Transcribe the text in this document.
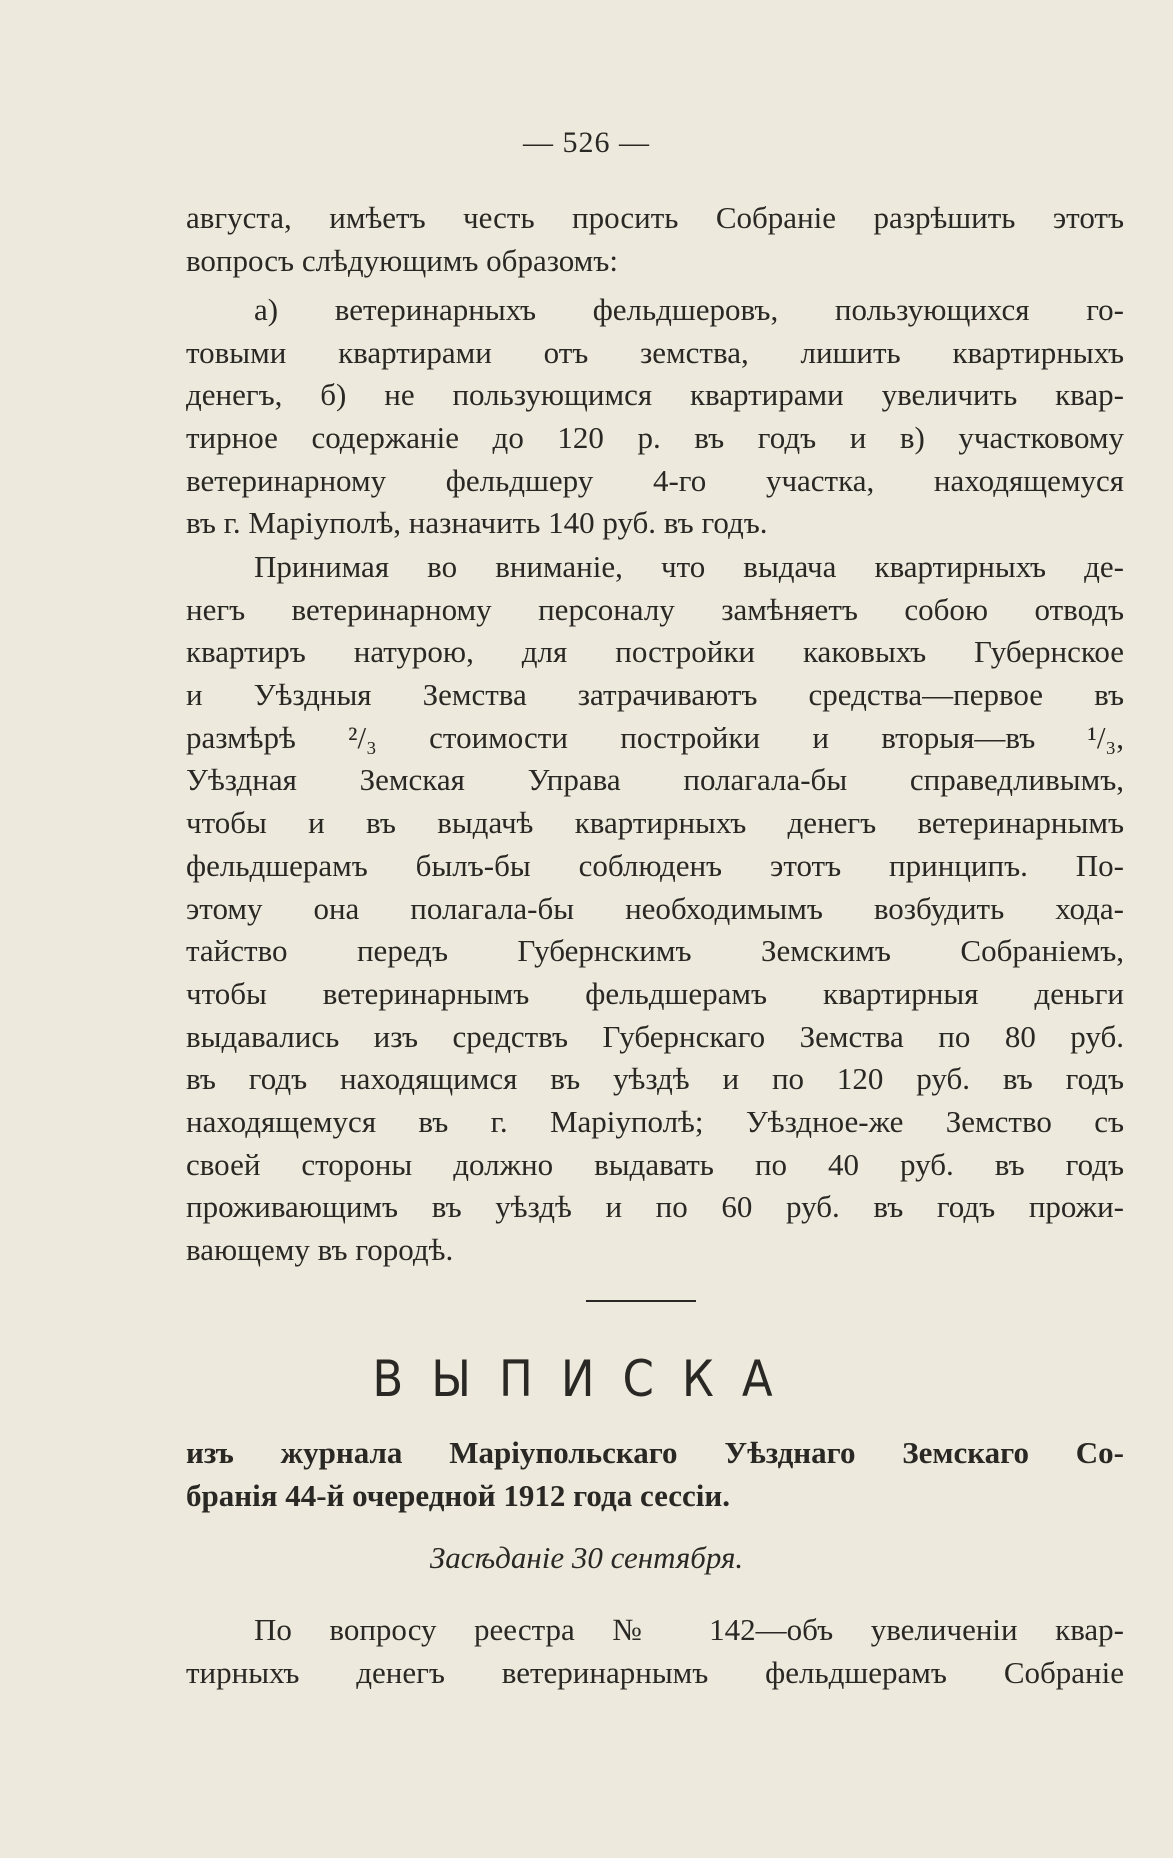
— 526 —
августа, имѣетъ честь просить Собраніе разрѣшить этотъ
вопросъ слѣдующимъ образомъ:
а) ветеринарныхъ фельдшеровъ, пользующихся го-
товыми квартирами отъ земства, лишить квартирныхъ
денегъ, б) не пользующимся квартирами увеличить квар-
тирное содержаніе до 120 р. въ годъ и в) участковому
ветеринарному фельдшеру 4-го участка, находящемуся
въ г. Маріуполѣ, назначить 140 руб. въ годъ.
Принимая во вниманіе, что выдача квартирныхъ де-
негъ ветеринарному персоналу замѣняетъ собою отводъ
квартиръ натурою, для постройки каковыхъ Губернское
и Уѣздныя Земства затрачиваютъ средства—первое въ
размѣрѣ ²/₃ стоимости постройки и вторыя—въ ¹/₃,
Уѣздная Земская Управа полагала-бы справедливымъ,
чтобы и въ выдачѣ квартирныхъ денегъ ветеринарнымъ
фельдшерамъ былъ-бы соблюденъ этотъ принципъ. По-
этому она полагала-бы необходимымъ возбудить хода-
тайство передъ Губернскимъ Земскимъ Собраніемъ,
чтобы ветеринарнымъ фельдшерамъ квартирныя деньги
выдавались изъ средствъ Губернскаго Земства по 80 руб.
въ годъ находящимся въ уѣздѣ и по 120 руб. въ годъ
находящемуся въ г. Маріуполѣ; Уѣздное-же Земство съ
своей стороны должно выдавать по 40 руб. въ годъ
проживающимъ въ уѣздѣ и по 60 руб. въ годъ прожи-
вающему въ городѣ.
ВЫПИСКА
изъ журнала Маріупольскаго Уѣзднаго Земскаго Со-
бранія 44-й очередной 1912 года сессіи.
Засѣданіе 30 сентября.
По вопросу реестра № 142—объ увеличеніи квар-
тирныхъ денегъ ветеринарнымъ фельдшерамъ Собраніе
